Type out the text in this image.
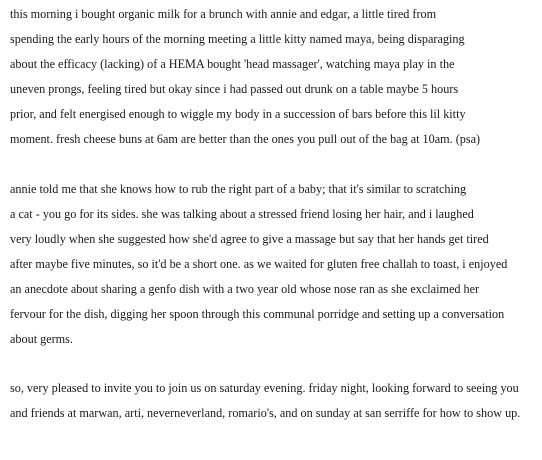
this morning i bought organic milk for a brunch with annie and edgar, a little tired from
spending the early hours of the morning meeting a little kitty named maya, being disparaging
about the efficacy (lacking) of a HEMA bought 'head massager', watching maya play in the
uneven prongs, feeling tired but okay since i had passed out drunk on a table maybe 5 hours
prior, and felt energised enough to wiggle my body in a succession of bars before this lil kitty
moment. fresh cheese buns at 6am are better than the ones you pull out of the bag at 10am. (psa)
annie told me that she knows how to rub the right part of a baby; that it's similar to scratching
a cat - you go for its sides. she was talking about a stressed friend losing her hair, and i laughed
very loudly when she suggested how she'd agree to give a massage but say that her hands get tired
after maybe five minutes, so it'd be a short one. as we waited for gluten free challah to toast, i enjoyed
an anecdote about sharing a genfo dish with a two year old whose nose ran as she exclaimed her
fervour for the dish, digging her spoon through this communal porridge and setting up a conversation
about germs.
so, very pleased to invite you to join us on saturday evening. friday night, looking forward to seeing you
and friends at marwan, arti, neverneverland, romario's, and on sunday at san serriffe for how to show up.
